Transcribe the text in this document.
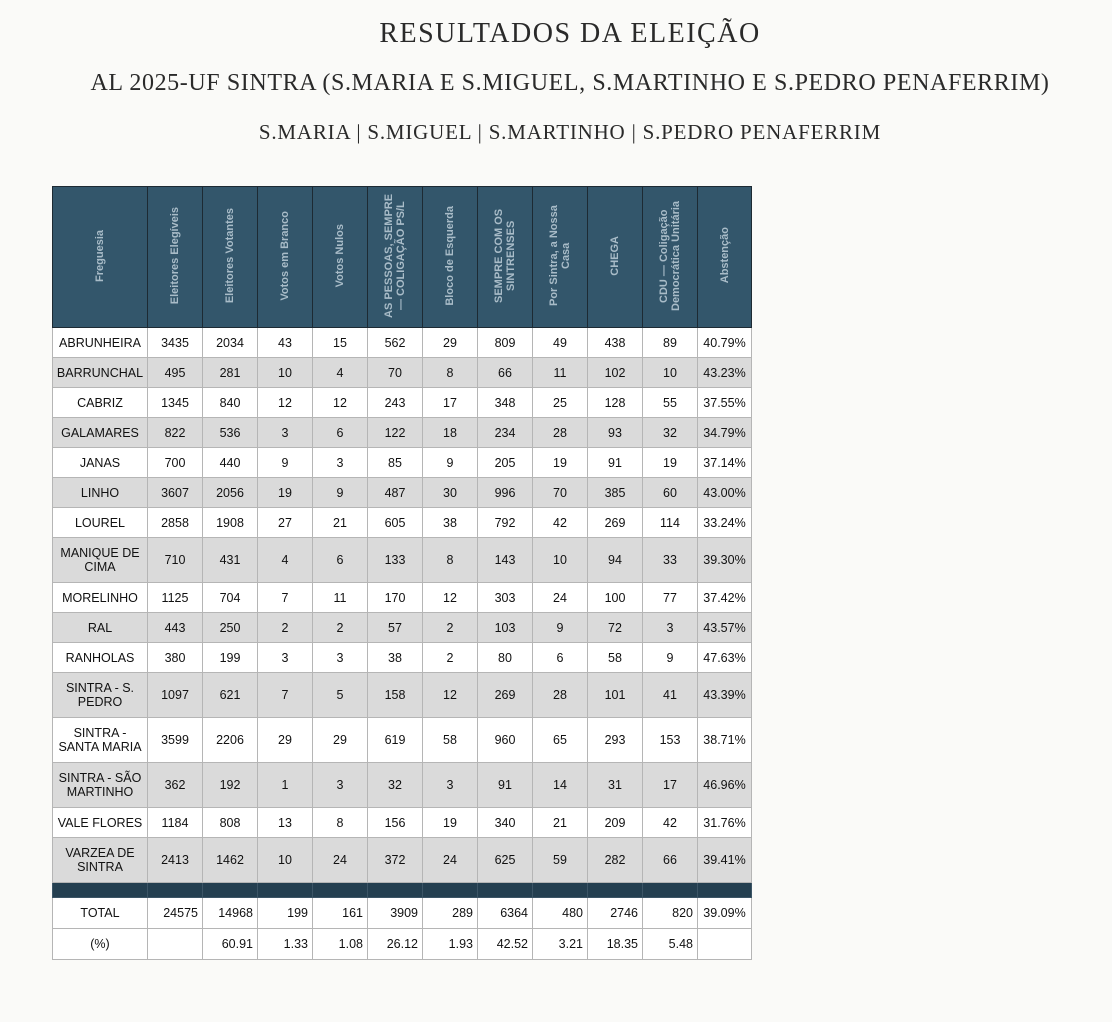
RESULTADOS DA ELEIÇÃO
AL 2025-UF SINTRA (S.MARIA E S.MIGUEL, S.MARTINHO E S.PEDRO PENAFERRIM)
S.MARIA | S.MIGUEL | S.MARTINHO | S.PEDRO PENAFERRIM
Freguesia	Eleitores Elegíveis	Eleitores Votantes	Votos em Branco	Votos Nulos	AS PESSOAS, SEMPRE — COLIGAÇÃO PS/L	Bloco de Esquerda	SEMPRE COM OS SINTRENSES	Por Sintra, a Nossa Casa	CHEGA	CDU — Coligação Democrática Unitária	Abstenção
ABRUNHEIRA	3435	2034	43	15	562	29	809	49	438	89	40.79%
BARRUNCHAL	495	281	10	4	70	8	66	11	102	10	43.23%
CABRIZ	1345	840	12	12	243	17	348	25	128	55	37.55%
GALAMARES	822	536	3	6	122	18	234	28	93	32	34.79%
JANAS	700	440	9	3	85	9	205	19	91	19	37.14%
LINHO	3607	2056	19	9	487	30	996	70	385	60	43.00%
LOUREL	2858	1908	27	21	605	38	792	42	269	114	33.24%
MANIQUE DE CIMA	710	431	4	6	133	8	143	10	94	33	39.30%
MORELINHO	1125	704	7	11	170	12	303	24	100	77	37.42%
RAL	443	250	2	2	57	2	103	9	72	3	43.57%
RANHOLAS	380	199	3	3	38	2	80	6	58	9	47.63%
SINTRA - S. PEDRO	1097	621	7	5	158	12	269	28	101	41	43.39%
SINTRA - SANTA MARIA	3599	2206	29	29	619	58	960	65	293	153	38.71%
SINTRA - SÃO MARTINHO	362	192	1	3	32	3	91	14	31	17	46.96%
VALE FLORES	1184	808	13	8	156	19	340	21	209	42	31.76%
VARZEA DE SINTRA	2413	1462	10	24	372	24	625	59	282	66	39.41%

TOTAL	24575	14968	199	161	3909	289	6364	480	2746	820	39.09%
(%)		60.91	1.33	1.08	26.12	1.93	42.52	3.21	18.35	5.48	
